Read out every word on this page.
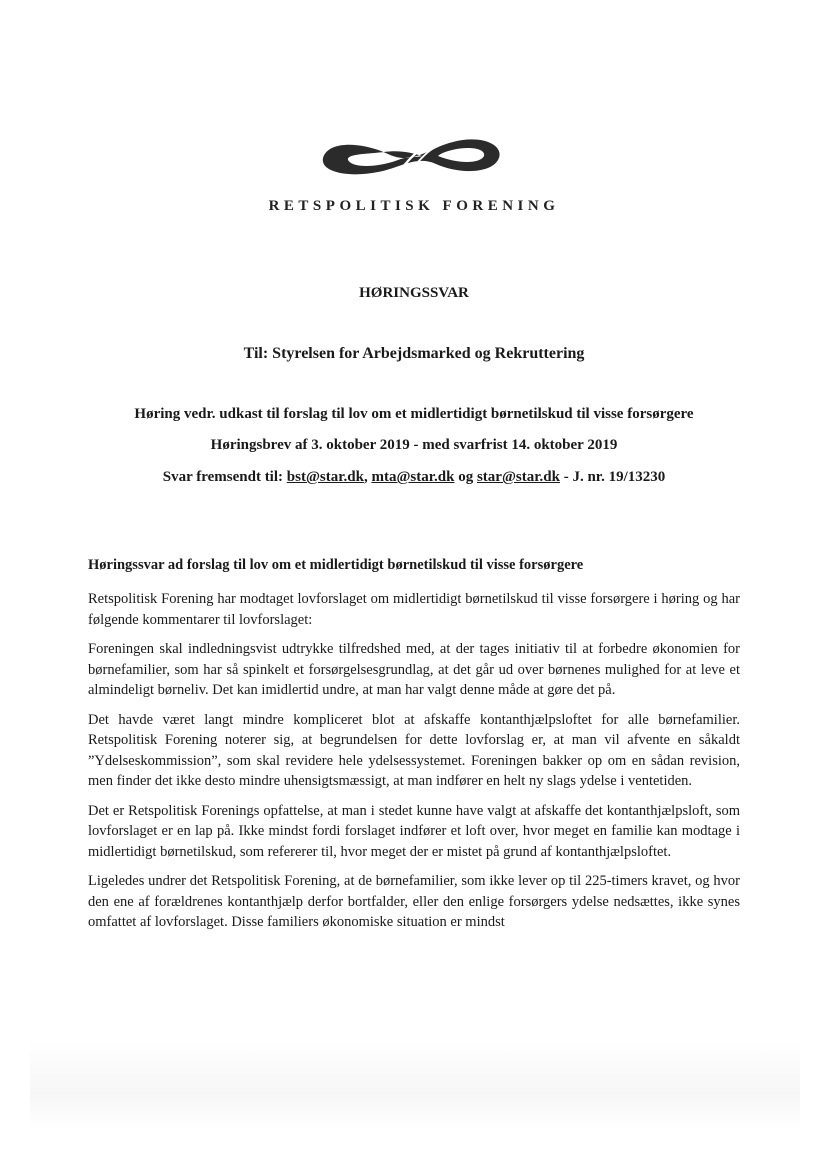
RETSPOLITISK FORENING
HØRINGSSVAR
Til: Styrelsen for Arbejdsmarked og Rekruttering
Høring vedr. udkast til forslag til lov om et midlertidigt børnetilskud til visse forsørgere
Høringsbrev af 3. oktober 2019 - med svarfrist 14. oktober 2019
Svar fremsendt til: bst@star.dk, mta@star.dk og star@star.dk - J. nr. 19/13230
Høringssvar ad forslag til lov om et midlertidigt børnetilskud til visse forsørgere

Retspolitisk Forening har modtaget lovforslaget om midlertidigt børnetilskud til visse forsørgere i høring og har følgende kommentarer til lovforslaget:

Foreningen skal indledningsvist udtrykke tilfredshed med, at der tages initiativ til at forbedre økonomien for børnefamilier, som har så spinkelt et forsørgelsesgrundlag, at det går ud over børnenes mulighed for at leve et almindeligt børneliv. Det kan imidlertid undre, at man har valgt denne måde at gøre det på.

Det havde været langt mindre kompliceret blot at afskaffe kontanthjælpsloftet for alle børnefamilier. Retspolitisk Forening noterer sig, at begrundelsen for dette lovforslag er, at man vil afvente en såkaldt ”Ydelseskommission”, som skal revidere hele ydelsessystemet. Foreningen bakker op om en sådan revision, men finder det ikke desto mindre uhensigtsmæssigt, at man indfører en helt ny slags ydelse i ventetiden.

Det er Retspolitisk Forenings opfattelse, at man i stedet kunne have valgt at afskaffe det kontanthjælpsloft, som lovforslaget er en lap på. Ikke mindst fordi forslaget indfører et loft over, hvor meget en familie kan modtage i midlertidigt børnetilskud, som refererer til, hvor meget der er mistet på grund af kontanthjælpsloftet.

Ligeledes undrer det Retspolitisk Forening, at de børnefamilier, som ikke lever op til 225-timers kravet, og hvor den ene af forældrenes kontanthjælp derfor bortfalder, eller den enlige forsørgers ydelse nedsættes, ikke synes omfattet af lovforslaget. Disse familiers økonomiske situation er mindst
